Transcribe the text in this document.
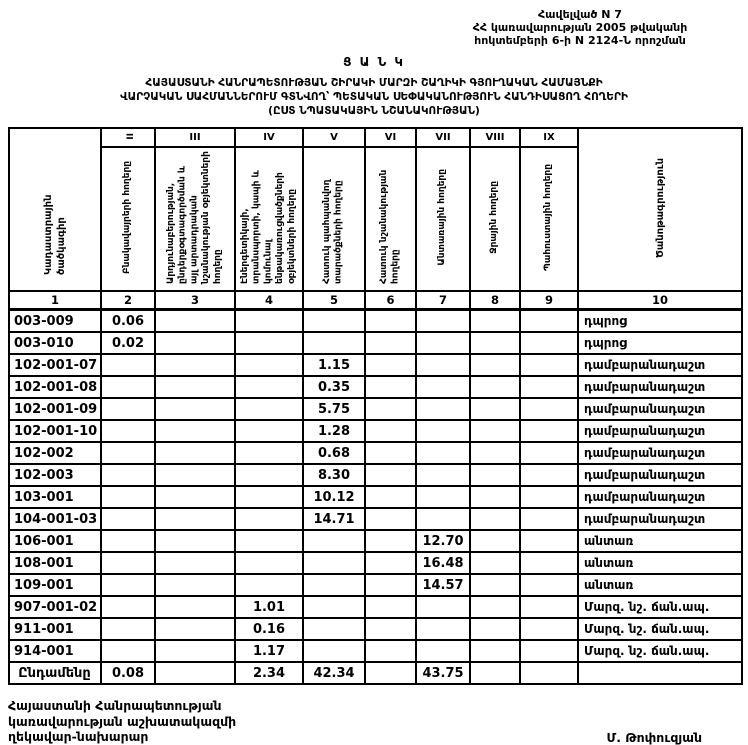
Հավելված N 7
ՀՀ կառավարության 2005 թվականի
հոկտեմբերի 6-ի N 2124-Ն որոշման
Ց Ա Ն Կ
ՀԱՅԱՍՏԱՆԻ ՀԱՆՐԱՊԵՏՈՒԹՅԱՆ ՇԻՐԱԿԻ ՄԱՐԶԻ ՇԱՂԻԿԻ ԳՅՈՒՂԱԿԱՆ ՀԱՄԱՅՆՔԻ
ՎԱՐՉԱԿԱՆ ՍԱՀՄԱՆՆԵՐՈՒՄ ԳՏՆՎՈՂ՝ ՊԵՏԱԿԱՆ ՍԵՓԱԿԱՆՈՒԹՅՈՒՆ ՀԱՆԴԻՍԱՑՈՂ ՀՈՂԵՐԻ
(ԸՍՏ ՆՊԱՏԱԿԱՅԻՆ ՆՇԱՆԱԿՈՒԹՅԱՆ)
Կադաստրային ծածկագիր	II	III	IV	V	VI	VII	VIII	IX	Ծանոթագրություն
	Բնակավայրերի հողերը	Արդյունաբերության, ընդերքօգտագործման և այլ արտադրական նշանակության օբյեկտների հողերը	Էներգետիկայի, տրանսպորտի, կապի և կոմունալ ենթակառուցվածքների օբյեկտների հողերը	Հատուկ պահպանվող տարածքների հողերը	Հատուկ նշանակության հողերը	Անտառային հողերը	Ջրային հողերը	Պահուստային հողերը	
1	2	3	4	5	6	7	8	9	10
003-009	0.06								դպրոց
003-010	0.02								դպրոց
102-001-07				1.15					դամբարանադաշտ
102-001-08				0.35					դամբարանադաշտ
102-001-09				5.75					դամբարանադաշտ
102-001-10				1.28					դամբարանադաշտ
102-002				0.68					դամբարանադաշտ
102-003				8.30					դամբարանադաշտ
103-001				10.12					դամբարանադաշտ
104-001-03				14.71					դամբարանադաշտ
106-001						12.70			անտառ
108-001						16.48			անտառ
109-001						14.57			անտառ
907-001-02			1.01						Մարզ. նշ. ճան.ապ.
911-001			0.16						Մարզ. նշ. ճան.ապ.
914-001			1.17						Մարզ. նշ. ճան.ապ.
Ընդամենը	0.08		2.34	42.34		43.75			
Հայաստանի Հանրապետության
կառավարության աշխատակազմի
ղեկավար-նախարար	Մ. Թոփուզյան
